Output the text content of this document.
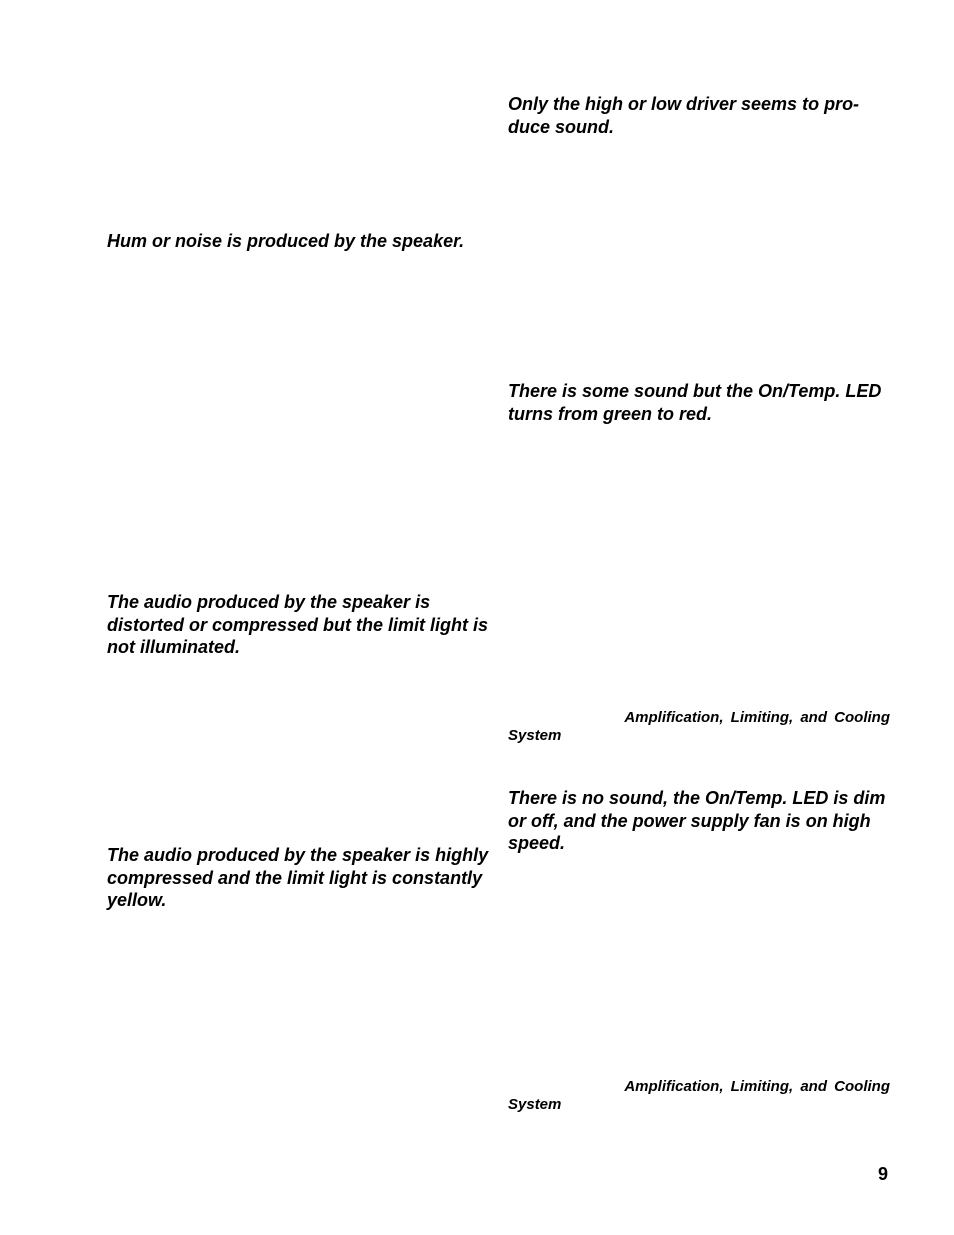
Only the high or low driver seems to pro-
duce sound.

Hum or noise is produced by the speaker.

There is some sound but the On/Temp. LED turns from green to red.

The audio produced by the speaker is distorted or compressed but the limit light is not illuminated.

Amplification, Limiting, and Cooling
System

There is no sound, the On/Temp. LED is dim or off, and the power supply fan is on high speed.

The audio produced by the speaker is highly compressed and the limit light is constantly yellow.

Amplification, Limiting, and Cooling
System

9
